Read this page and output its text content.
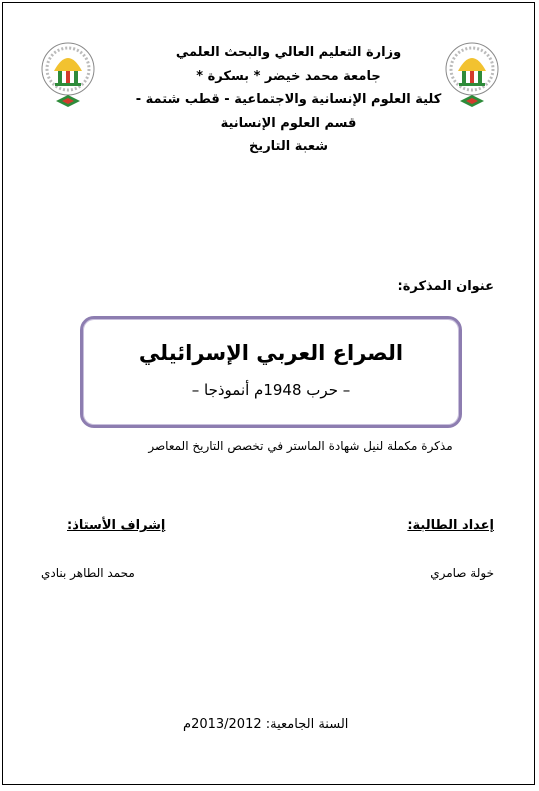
وزارة التعليم العالي والبحث العلمي
جامعة محمد خيضر * بسكرة *
كلية العلوم الإنسانية والاجتماعية - قطب شتمة -
قسم العلوم الإنسانية
شعبة التاريخ
عنوان المذكرة:
الصراع العربي الإسرائيلي
– حرب 1948م أنموذجا –
مذكرة مكملة لنيل شهادة الماستر في تخصص التاريخ المعاصر
إعداد الطالبة:
إشراف الأستاذ:
خولة صامري
محمد الطاهر بنادي
السنة الجامعية: 2013/2012م
